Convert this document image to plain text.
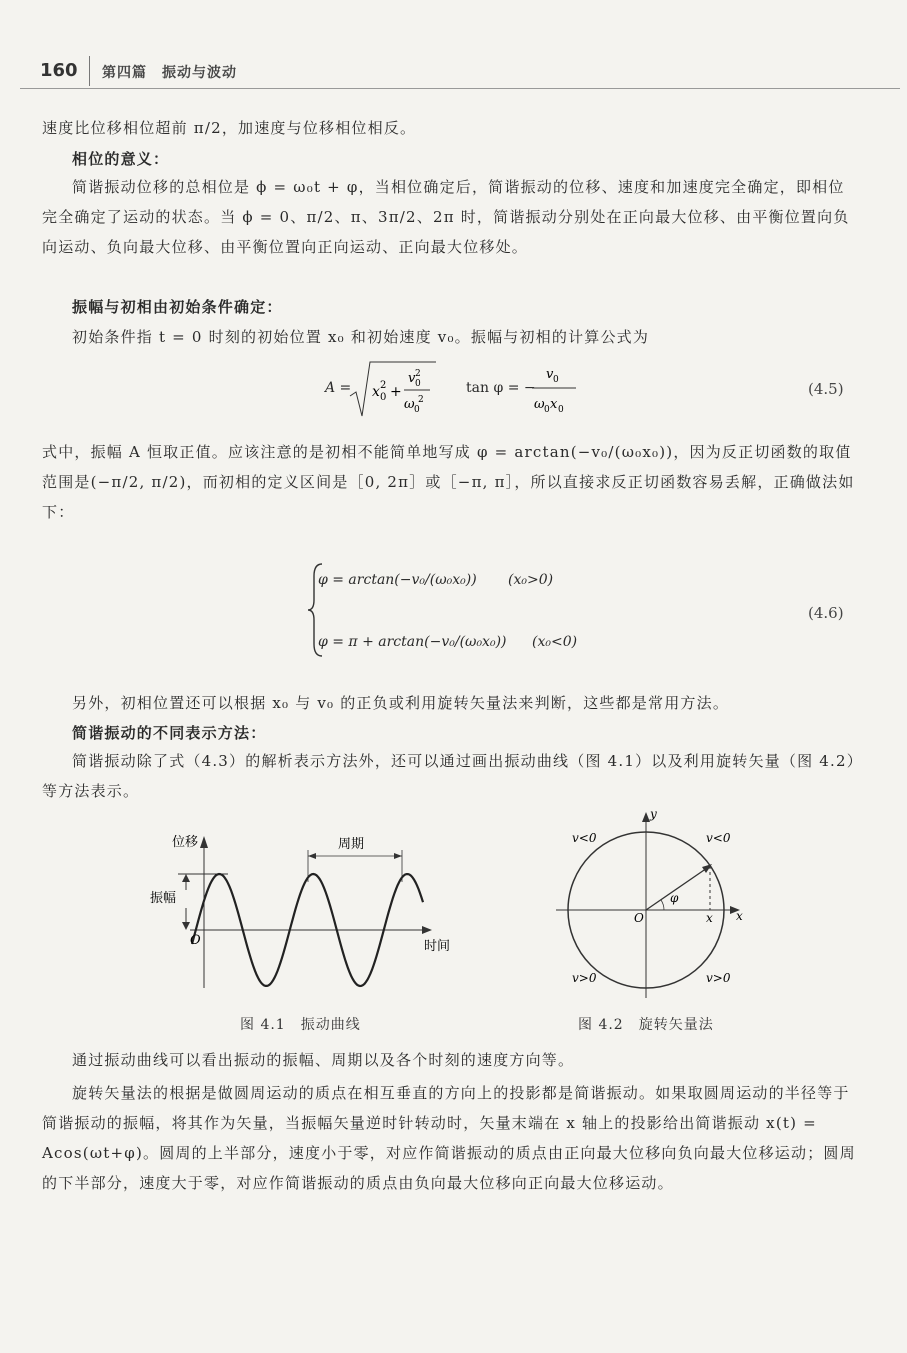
160 第四篇　 振动与波动

速度比位移相位超前 π/2，加速度与位移相位相反。

相位的意义：

简谐振动位移的总相位是 ϕ = ω₀t + φ，当相位确定后，简谐振动的位移、速度和加速度完全确定，即相位完全确定了运动的状态。当 ϕ = 0、π/2、π、3π/2、2π 时，简谐振动分别处在正向最大位移、由平衡位置向负向运动、负向最大位移、由平衡位置向正向运动、正向最大位移处。

振幅与初相由初始条件确定：

初始条件指 t = 0 时刻的初始位置 x₀ 和初始速度 v₀。振幅与初相的计算公式为

A = x 0
2 +
v 0
2
ω 0
2
tan φ = −
v 0
ω 0 x 0
(4.5)

式中，振幅 A 恒取正值。应该注意的是初相不能简单地写成 φ = arctan(−v₀/(ω₀x₀))，因为反正切函数的取值范围是(−π/2, π/2)，而初相的定义区间是［0, 2π］或［−π, π］，所以直接求反正切函数容易丢解，正确做法如下：

φ = arctan(−v₀/(ω₀x₀)) (x₀>0)
φ = π + arctan(−v₀/(ω₀x₀)) (x₀<0)
(4.6)

另外，初相位置还可以根据 x₀ 与 v₀ 的正负或利用旋转矢量法来判断，这些都是常用方法。

简谐振动的不同表示方法：

简谐振动除了式（4.3）的解析表示方法外，还可以通过画出振动曲线（图 4.1）以及利用旋转矢量（图 4.2）等方法表示。

位移	周期
振幅
O	时间
图 4.1　振动曲线
y
x
x
O
φ
v<0	v<0
v>0	v>0
图 4.2　旋转矢量法

通过振动曲线可以看出振动的振幅、周期以及各个时刻的速度方向等。

旋转矢量法的根据是做圆周运动的质点在相互垂直的方向上的投影都是简谐振动。如果取圆周运动的半径等于简谐振动的振幅，将其作为矢量，当振幅矢量逆时针转动时，矢量末端在 x 轴上的投影给出简谐振动 x(t) = Acos(ωt+φ)。圆周的上半部分，速度小于零，对应作简谐振动的质点由正向最大位移向负向最大位移运动；圆周的下半部分，速度大于零，对应作简谐振动的质点由负向最大位移向正向最大位移运动。
